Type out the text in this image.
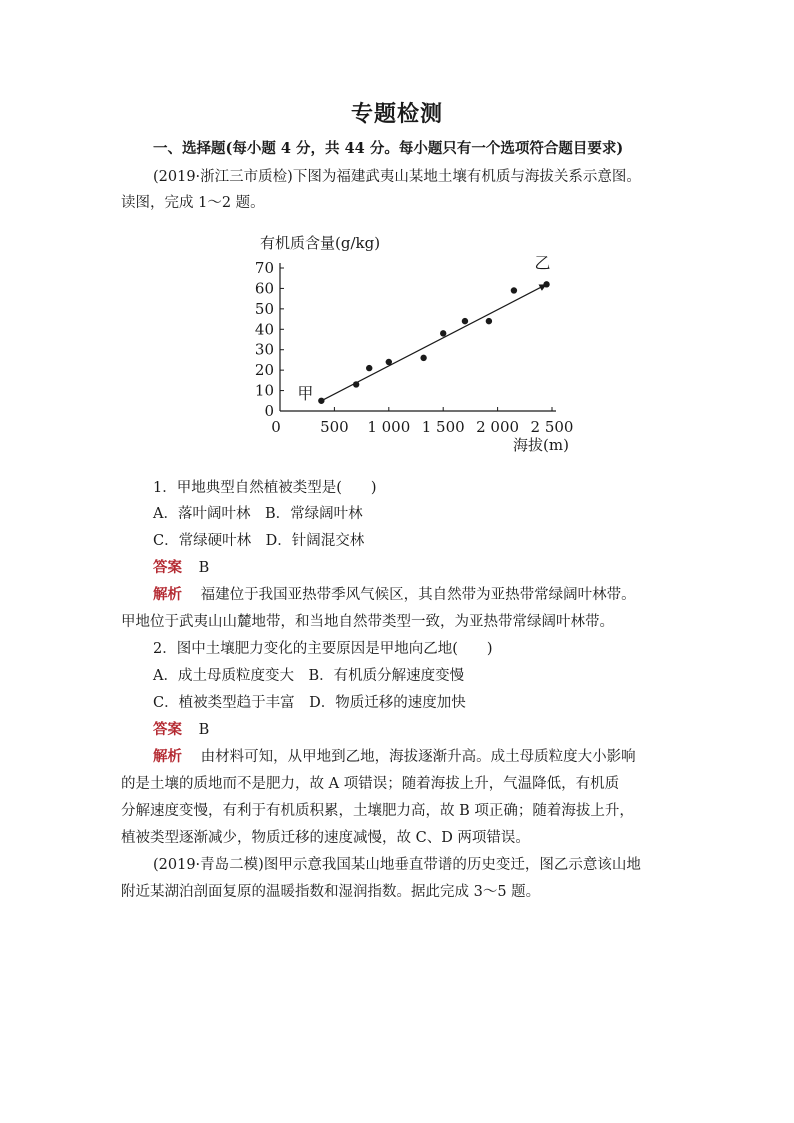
专题检测
一、选择题(每小题 4 分，共 44 分。每小题只有一个选项符合题目要求)
(2019·浙江三市质检)下图为福建武夷山某地土壤有机质与海拔关系示意图。
读图，完成 1～2 题。
有机质含量(g/kg)
海拔(m)
0
10
20
30
40
50
60
70
0	500 1 000 1 500 2 000 2 500
甲
乙
1．甲地典型自然植被类型是(　　)
A．落叶阔叶林　B．常绿阔叶林
C．常绿硬叶林　D．针阔混交林
答案 B
解析 福建位于我国亚热带季风气候区，其自然带为亚热带常绿阔叶林带。
甲地位于武夷山山麓地带，和当地自然带类型一致，为亚热带常绿阔叶林带。
2．图中土壤肥力变化的主要原因是甲地向乙地(　　)
A．成土母质粒度变大　B．有机质分解速度变慢
C．植被类型趋于丰富　D．物质迁移的速度加快
答案 B
解析 由材料可知，从甲地到乙地，海拔逐渐升高。成土母质粒度大小影响
的是土壤的质地而不是肥力，故 A 项错误；随着海拔上升，气温降低，有机质
分解速度变慢，有利于有机质积累，土壤肥力高，故 B 项正确；随着海拔上升，
植被类型逐渐减少，物质迁移的速度减慢，故 C、D 两项错误。
(2019·青岛二模)图甲示意我国某山地垂直带谱的历史变迁，图乙示意该山地
附近某湖泊剖面复原的温暖指数和湿润指数。据此完成 3～5 题。
